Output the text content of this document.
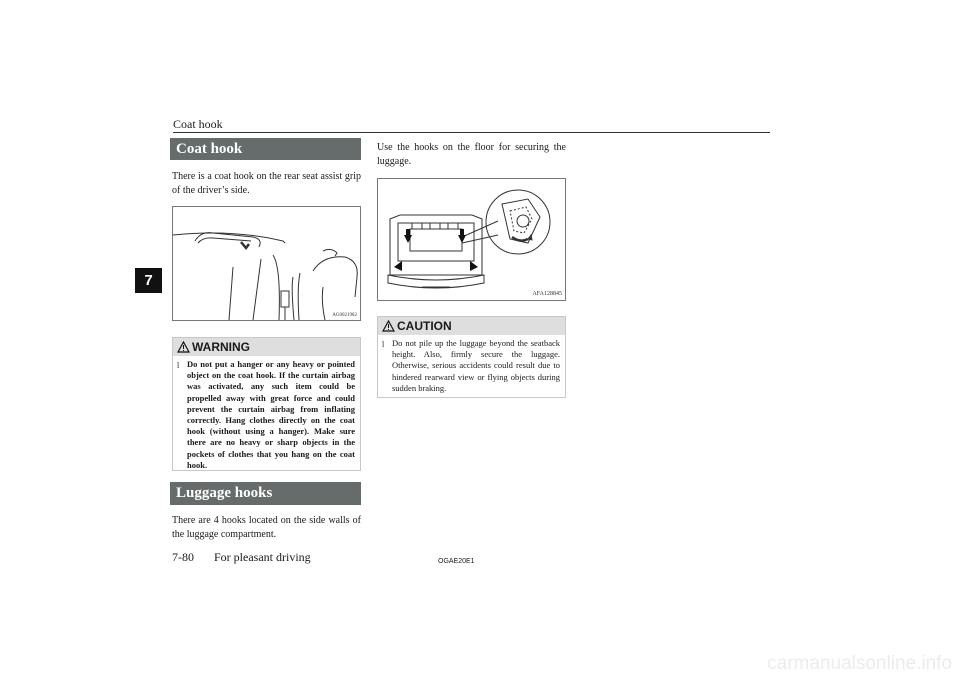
Coat hook
7
Coat hook
There is a coat hook on the rear seat assist grip of the driver’s side.
AG0021982
WARNING
l Do not put a hanger or any heavy or pointed object on the coat hook. If the curtain airbag was activated, any such item could be propelled away with great force and could prevent the curtain airbag from inflating correctly. Hang clothes directly on the coat hook (without using a hanger). Make sure there are no heavy or sharp objects in the pockets of clothes that you hang on the coat hook.
Luggage hooks
There are 4 hooks located on the side walls of the luggage compartment.
Use the hooks on the floor for securing the luggage.
AFA128845
CAUTION
l Do not pile up the luggage beyond the seatback height. Also, firmly secure the luggage. Otherwise, serious accidents could result due to hindered rearward view or flying objects during sudden braking.
7-80 For pleasant driving	OGAE20E1
carmanualsonline.info
